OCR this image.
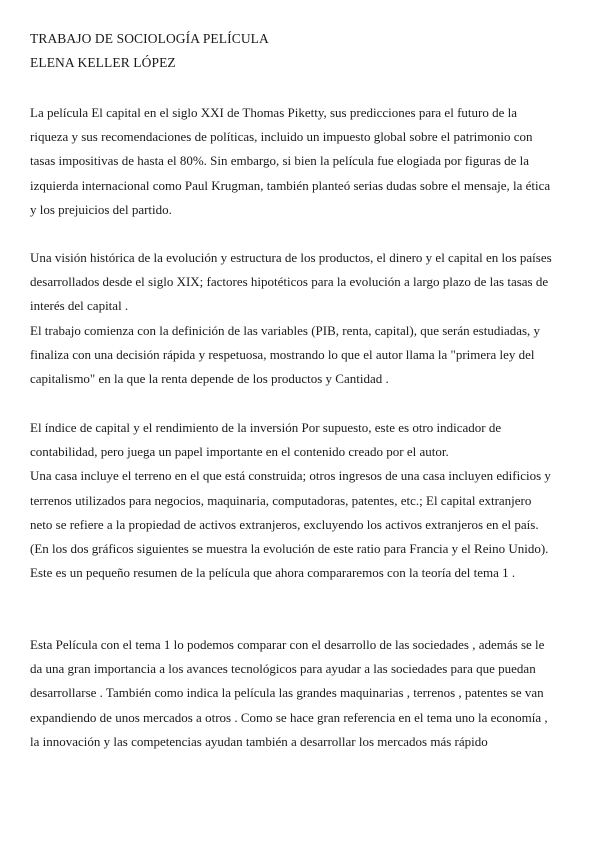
TRABAJO DE SOCIOLOGÍA PELÍCULA
ELENA KELLER LÓPEZ
La película El capital en el siglo XXI de Thomas Piketty, sus predicciones para el futuro de la
riqueza y sus recomendaciones de políticas, incluido un impuesto global sobre el patrimonio con
tasas impositivas de hasta el 80%. Sin embargo, si bien la película fue elogiada por figuras de la
izquierda internacional como Paul Krugman, también planteó serias dudas sobre el mensaje, la ética
y los prejuicios del partido.
Una visión histórica de la evolución y estructura de los productos, el dinero y el capital en los países
desarrollados desde el siglo XIX; factores hipotéticos para la evolución a largo plazo de las tasas de
interés del capital .
El trabajo comienza con la definición de las variables (PIB, renta, capital), que serán estudiadas, y
finaliza con una decisión rápida y respetuosa, mostrando lo que el autor llama la "primera ley del
capitalismo" en la que la renta depende de los productos y Cantidad .
El índice de capital y el rendimiento de la inversión Por supuesto, este es otro indicador de
contabilidad, pero juega un papel importante en el contenido creado por el autor.
Una casa incluye el terreno en el que está construida; otros ingresos de una casa incluyen edificios y
terrenos utilizados para negocios, maquinaria, computadoras, patentes, etc.; El capital extranjero
neto se refiere a la propiedad de activos extranjeros, excluyendo los activos extranjeros en el país.
(En los dos gráficos siguientes se muestra la evolución de este ratio para Francia y el Reino Unido).
Este es un pequeño resumen de la película que ahora compararemos con la teoría del tema 1 .
Esta Película con el tema 1 lo podemos comparar con el desarrollo de las sociedades , además se le
da una gran importancia a los avances tecnológicos para ayudar a las sociedades para que puedan
desarrollarse . También como indica la película las grandes maquinarias , terrenos , patentes se van
expandiendo de unos mercados a otros . Como se hace gran referencia en el tema uno la economía ,
la innovación y las competencias ayudan también a desarrollar los mercados más rápido
